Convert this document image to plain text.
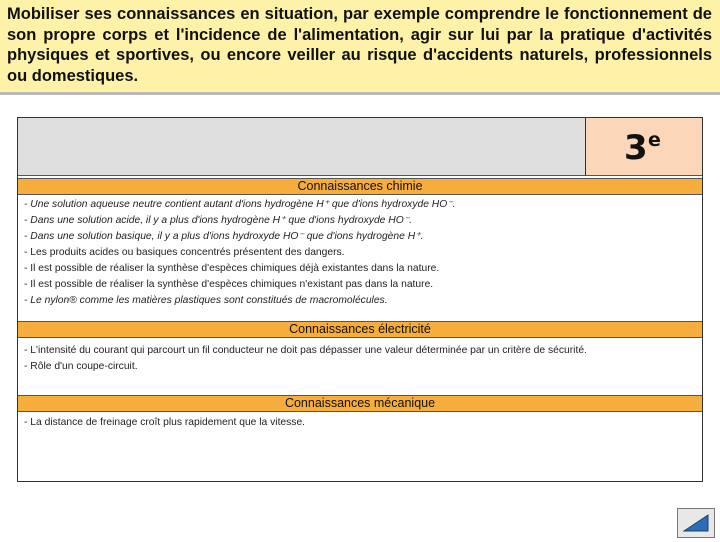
Mobiliser ses connaissances en situation, par exemple comprendre le fonctionnement de son propre corps et l'incidence de l'alimentation, agir sur lui par la pratique d'activités physiques et sportives, ou encore veiller au risque d'accidents naturels, professionnels ou domestiques.
3 e
Connaissances chimie
- Une solution aqueuse neutre contient autant d'ions hydrogène H⁺ que d'ions hydroxyde HO⁻.
- Dans une solution acide, il y a plus d'ions hydrogène H⁺ que d'ions hydroxyde HO⁻.
- Dans une solution basique, il y a plus d'ions hydroxyde HO⁻ que d'ions hydrogène H⁺.
- Les produits acides ou basiques concentrés présentent des dangers.
- Il est possible de réaliser la synthèse d'espèces chimiques déjà existantes dans la nature.
- Il est possible de réaliser la synthèse d'espèces chimiques n'existant pas dans la nature.
- Le nylon® comme les matières plastiques sont constitués de macromolécules.
Connaissances électricité
- L'intensité du courant qui parcourt un fil conducteur ne doit pas dépasser une valeur déterminée par un critère de sécurité.
- Rôle d'un coupe-circuit.
Connaissances mécanique
- La distance de freinage croît plus rapidement que la vitesse.
